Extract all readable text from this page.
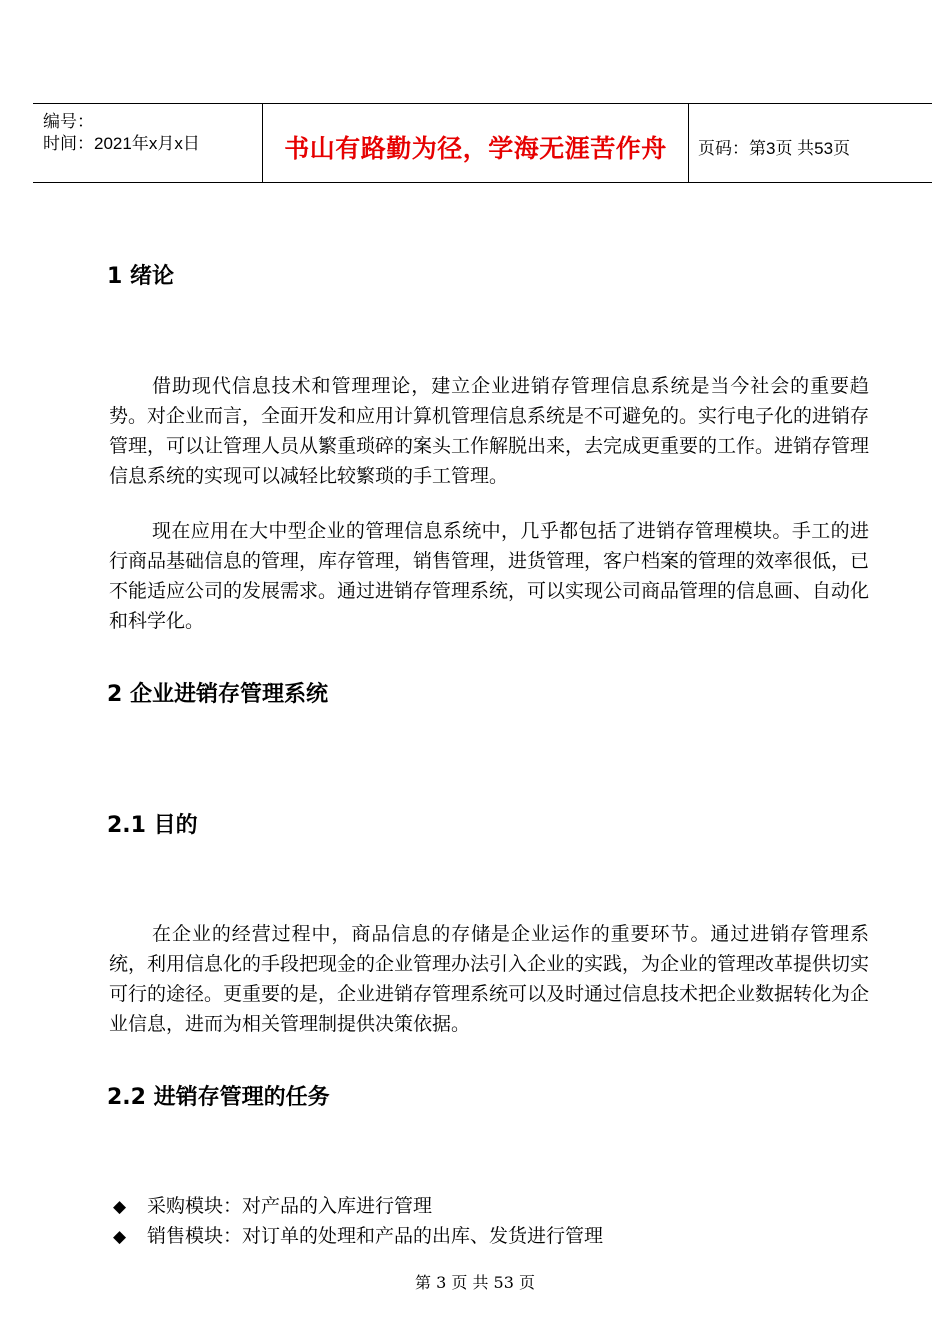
编号：
时间：2021年x月x日	书山有路勤为径，学海无涯苦作舟	页码：第3页 共53页
1 绪论

借助现代信息技术和管理理论，建立企业进销存管理信息系统是当今社会的重要趋势。对企业而言，全面开发和应用计算机管理信息系统是不可避免的。实行电子化的进销存管理，可以让管理人员从繁重琐碎的案头工作解脱出来，去完成更重要的工作。进销存管理信息系统的实现可以减轻比较繁琐的手工管理。

现在应用在大中型企业的管理信息系统中，几乎都包括了进销存管理模块。手工的进行商品基础信息的管理，库存管理，销售管理，进货管理，客户档案的管理的效率很低，已不能适应公司的发展需求。通过进销存管理系统，可以实现公司商品管理的信息画、自动化和科学化。

2 企业进销存管理系统
2.1 目的

在企业的经营过程中，商品信息的存储是企业运作的重要环节。通过进销存管理系统，利用信息化的手段把现金的企业管理办法引入企业的实践，为企业的管理改革提供切实可行的途径。更重要的是，企业进销存管理系统可以及时通过信息技术把企业数据转化为企业信息，进而为相关管理制提供决策依据。

2.2 进销存管理的任务
◆ 采购模块：对产品的入库进行管理
◆ 销售模块：对订单的处理和产品的出库、发货进行管理
第 3 页 共 53 页
